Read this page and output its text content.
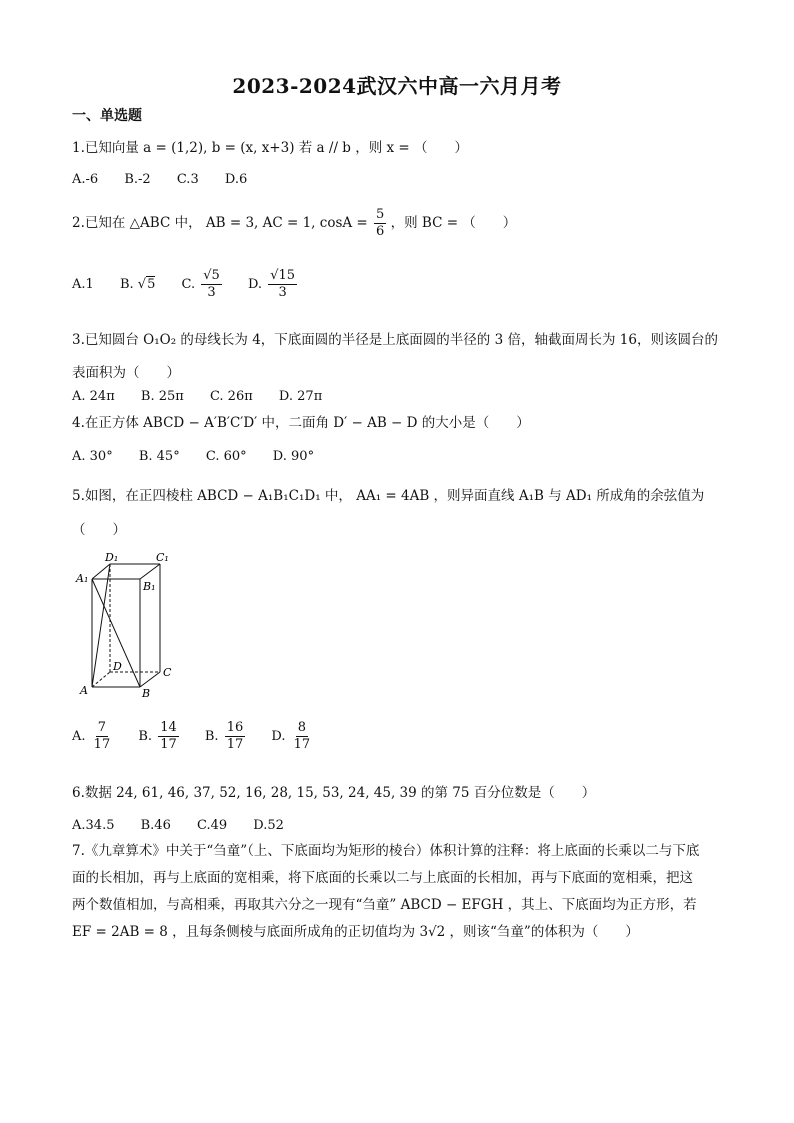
2023-2024武汉六中高一六月月考
一、单选题
1.已知向量 a = (1,2), b = (x, x+3) 若 a // b ，则 x = （　　）
A.-6 B.-2 C.3 D.6
2.已知在 △ABC 中， AB = 3, AC = 1, $\cos A = \frac{5}{6}$ ，则 BC = （　　）
A.1 B. √ 5 C. √ $\frac{5}{3} D$. √ $\frac{15}{3}$
3.已知圆台 O₁O₂ 的母线长为 4，下底面圆的半径是上底面圆的半径的 3 倍，轴截面周长为 16，则该圆台的
表面积为（　　）
A. 24π B. 25π C. 26π D. 27π
4.在正方体 ABCD − A′B′C′D′ 中，二面角 D′ − AB − D 的大小是（　　）
A. 30° B. 45° C. 60° D. 90°
5.如图，在正四棱柱 ABCD − A₁B₁C₁D₁ 中， AA₁ = 4AB ，则异面直线 A₁B 与 AD₁ 所成角的余弦值为
（　　）
D₁	C₁
A₁
B₁
D	C
A	B
A. $\frac{7}{17} B$. $\frac{14}{17} B$. $\frac{16}{17} D$. $\frac{8}{17}$
6.数据 24, 61, 46, 37, 52, 16, 28, 15, 53, 24, 45, 39 的第 75 百分位数是（　　）
A.34.5 B.46 C.49 D.52
7.《九章算术》中关于“刍童”（上、下底面均为矩形的棱台）体积计算的注释：将上底面的长乘以二与下底
面的长相加，再与上底面的宽相乘，将下底面的长乘以二与上底面的长相加，再与下底面的宽相乘，把这
两个数值相加，与高相乘，再取其六分之一现有“刍童” ABCD − EFGH ，其上、下底面均为正方形，若
EF = 2AB = 8 ，且每条侧棱与底面所成角的正切值均为 3√2 ，则该“刍童”的体积为（　　）
